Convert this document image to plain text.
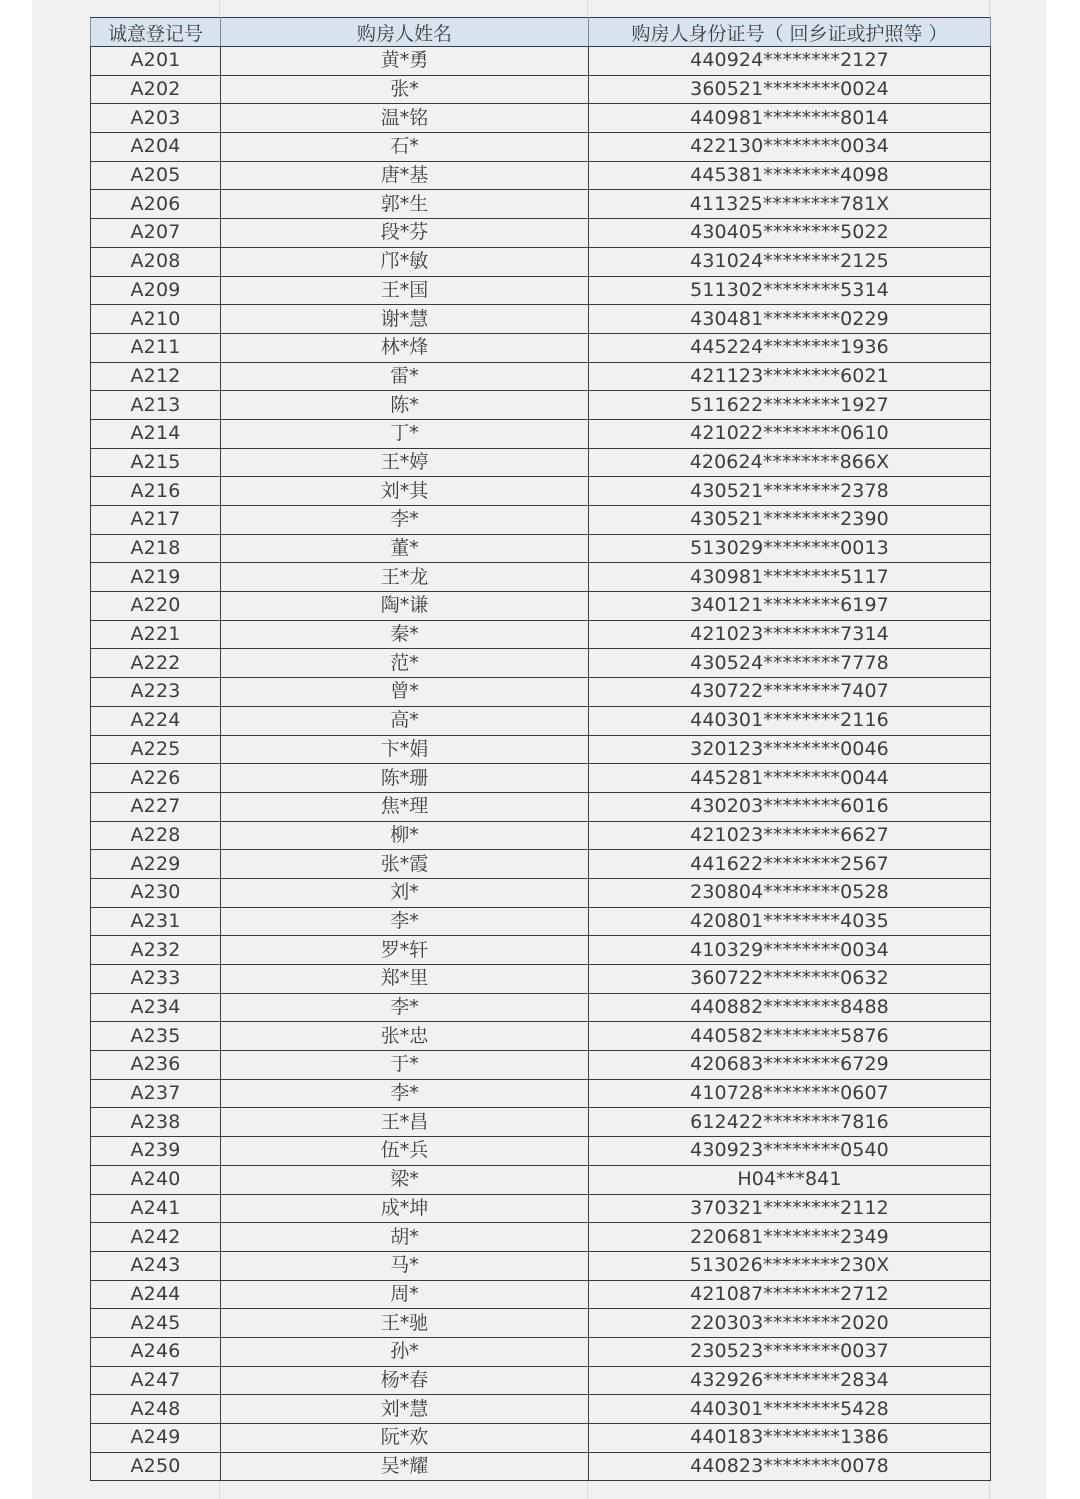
诚意登记号	购房人姓名	购房人身份证号（ 回乡证或护照等 ）
A201	黄*勇	440924********2127
A202	张*	360521********0024
A203	温*铭	440981********8014
A204	石*	422130********0034
A205	唐*基	445381********4098
A206	郭*生	411325********781X
A207	段*芬	430405********5022
A208	邝*敏	431024********2125
A209	王*国	511302********5314
A210	谢*慧	430481********0229
A211	林*烽	445224********1936
A212	雷*	421123********6021
A213	陈*	511622********1927
A214	丁*	421022********0610
A215	王*婷	420624********866X
A216	刘*其	430521********2378
A217	李*	430521********2390
A218	董*	513029********0013
A219	王*龙	430981********5117
A220	陶*谦	340121********6197
A221	秦*	421023********7314
A222	范*	430524********7778
A223	曾*	430722********7407
A224	高*	440301********2116
A225	卞*娟	320123********0046
A226	陈*珊	445281********0044
A227	焦*理	430203********6016
A228	柳*	421023********6627
A229	张*霞	441622********2567
A230	刘*	230804********0528
A231	李*	420801********4035
A232	罗*轩	410329********0034
A233	郑*里	360722********0632
A234	李*	440882********8488
A235	张*忠	440582********5876
A236	于*	420683********6729
A237	李*	410728********0607
A238	王*昌	612422********7816
A239	伍*兵	430923********0540
A240	梁*	H04***841
A241	成*坤	370321********2112
A242	胡*	220681********2349
A243	马*	513026********230X
A244	周*	421087********2712
A245	王*驰	220303********2020
A246	孙*	230523********0037
A247	杨*春	432926********2834
A248	刘*慧	440301********5428
A249	阮*欢	440183********1386
A250	吴*耀	440823********0078
